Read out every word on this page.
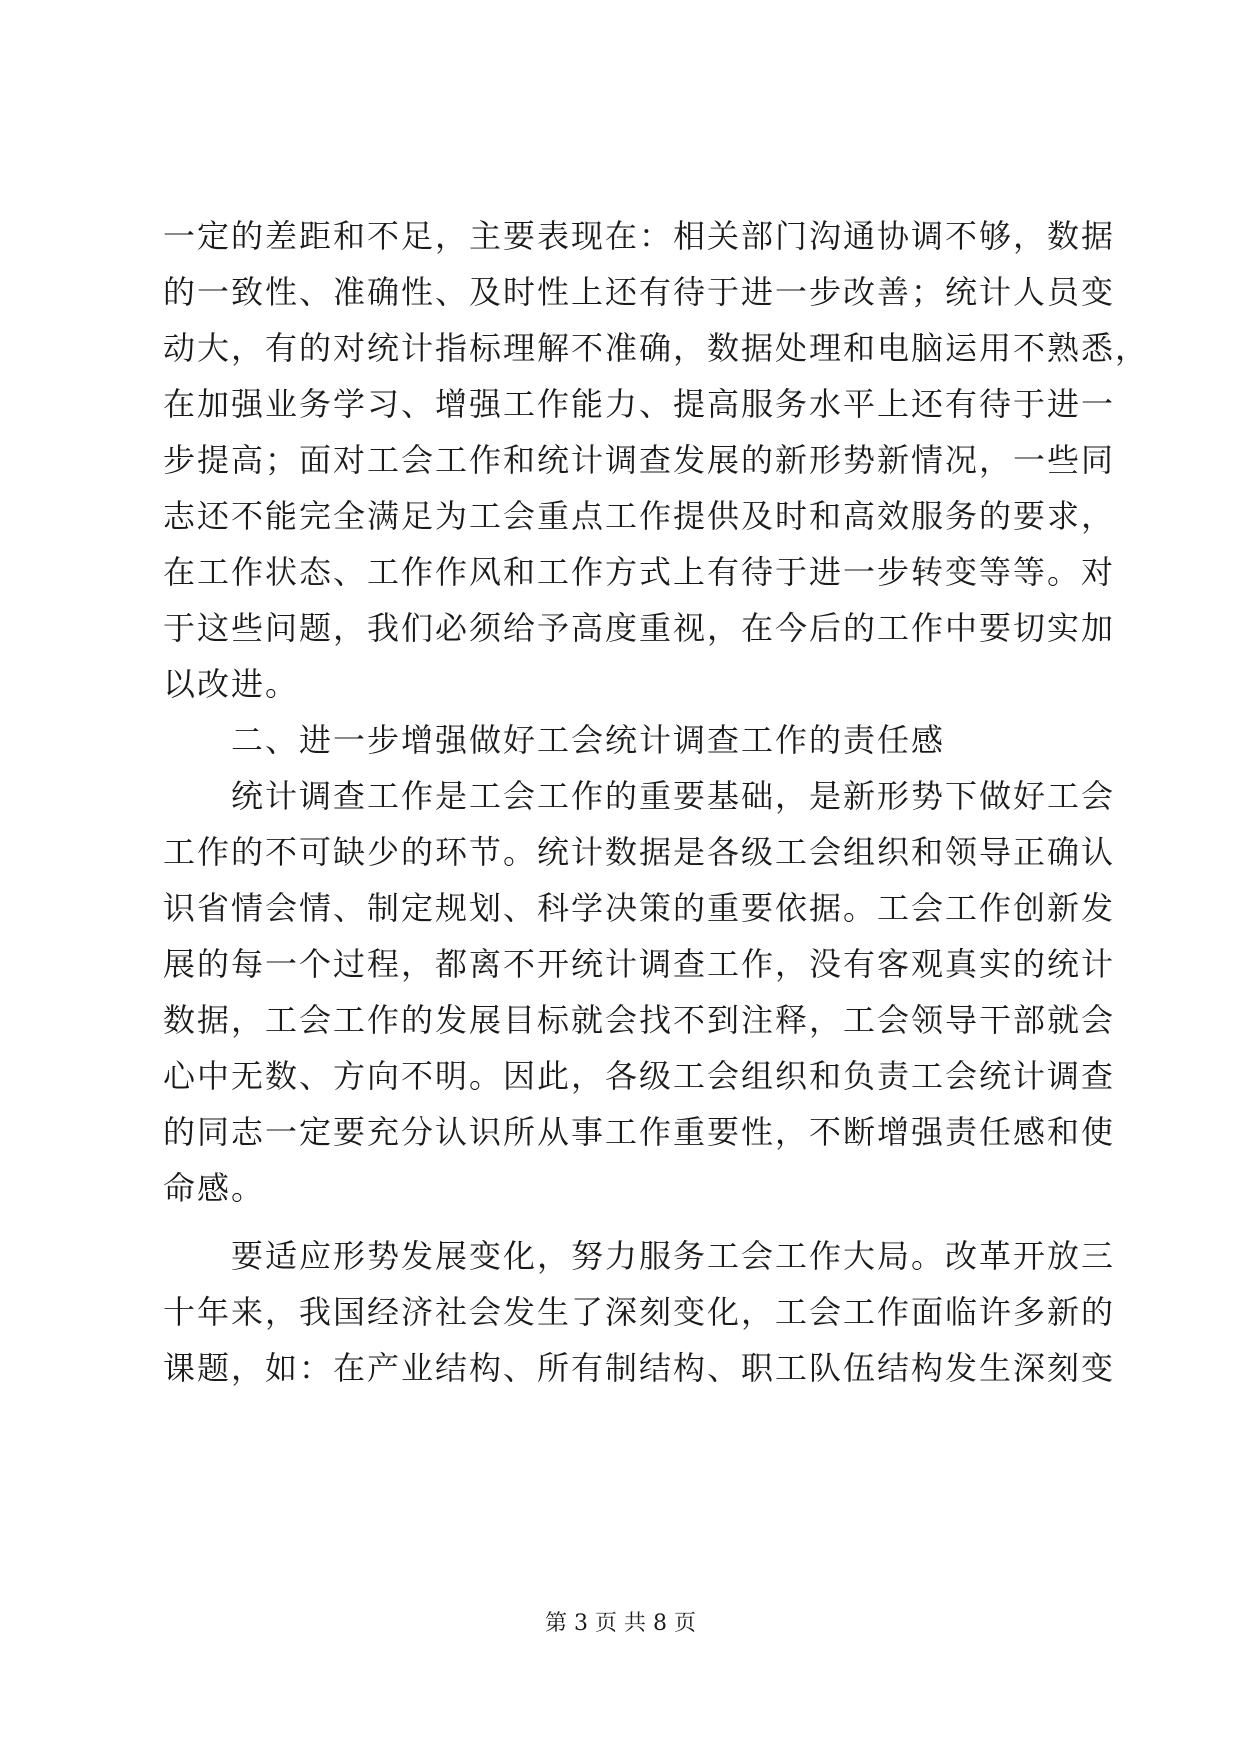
一定的差距和不足，主要表现在：相关部门沟通协调不够，数据
的一致性、准确性、及时性上还有待于进一步改善；统计人员变
动大，有的对统计指标理解不准确，数据处理和电脑运用不熟悉，
在加强业务学习、增强工作能力、提高服务水平上还有待于进一
步提高；面对工会工作和统计调查发展的新形势新情况，一些同
志还不能完全满足为工会重点工作提供及时和高效服务的要求，
在工作状态、工作作风和工作方式上有待于进一步转变等等。对
于这些问题，我们必须给予高度重视，在今后的工作中要切实加
以改进。
二、进一步增强做好工会统计调查工作的责任感
统计调查工作是工会工作的重要基础，是新形势下做好工会
工作的不可缺少的环节。统计数据是各级工会组织和领导正确认
识省情会情、制定规划、科学决策的重要依据。工会工作创新发
展的每一个过程，都离不开统计调查工作，没有客观真实的统计
数据，工会工作的发展目标就会找不到注释，工会领导干部就会
心中无数、方向不明。因此，各级工会组织和负责工会统计调查
的同志一定要充分认识所从事工作重要性，不断增强责任感和使
命感。
要适应形势发展变化，努力服务工会工作大局。改革开放三
十年来，我国经济社会发生了深刻变化，工会工作面临许多新的
课题，如：在产业结构、所有制结构、职工队伍结构发生深刻变
第 3 页 共 8 页
